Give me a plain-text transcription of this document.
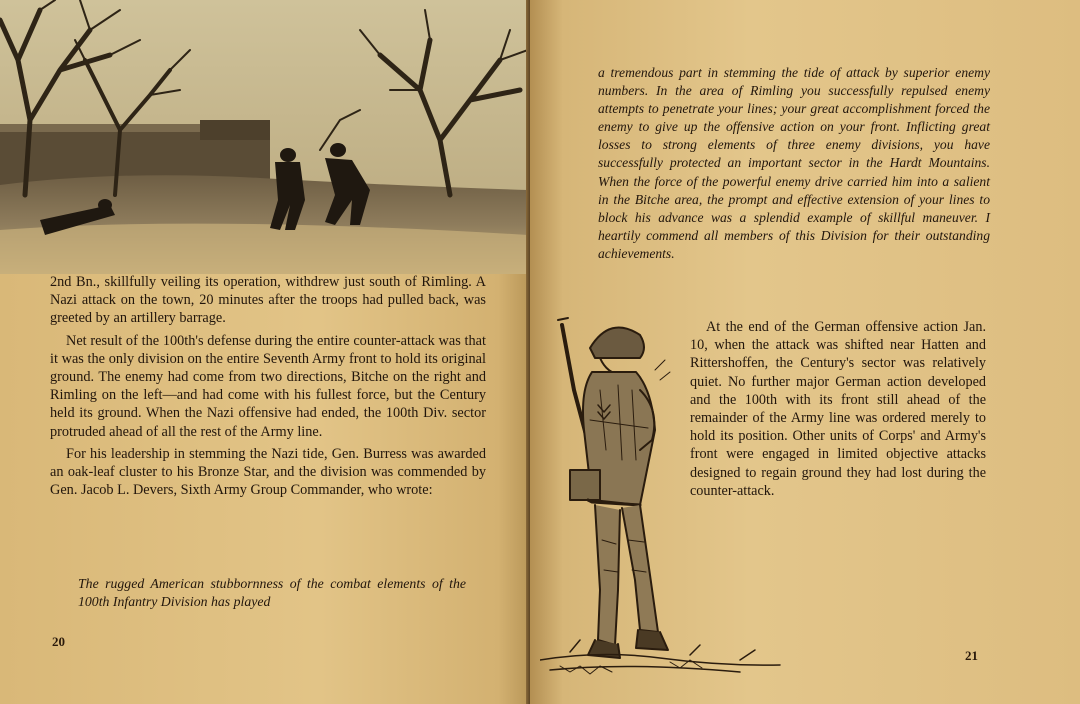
2nd Bn., skillfully veiling its operation, withdrew just south of Rimling. A Nazi attack on the town, 20 minutes after the troops had pulled back, was greeted by an artillery barrage.

Net result of the 100th's defense during the entire counter-attack was that it was the only division on the entire Seventh Army front to hold its original ground. The enemy had come from two directions, Bitche on the right and Rimling on the left—and had come with his fullest force, but the Century held its ground. When the Nazi offensive had ended, the 100th Div. sector protruded ahead of all the rest of the Army line.

For his leadership in stemming the Nazi tide, Gen. Burress was awarded an oak-leaf cluster to his Bronze Star, and the division was commended by Gen. Jacob L. Devers, Sixth Army Group Commander, who wrote:

The rugged American stubbornness of the combat elements of the 100th Infantry Division has played
20
a tremendous part in stemming the tide of attack by superior enemy numbers. In the area of Rimling you successfully repulsed enemy attempts to penetrate your lines; your great accomplishment forced the enemy to give up the offensive action on your front. Inflicting great losses to strong elements of three enemy divisions, you have successfully protected an important sector in the Hardt Mountains. When the force of the powerful enemy drive carried him into a salient in the Bitche area, the prompt and effective extension of your lines to block his advance was a splendid example of skillful maneuver. I heartily commend all members of this Division for their outstanding achievements.

At the end of the German offensive action Jan. 10, when the attack was shifted near Hatten and Rittershoffen, the Century's sector was relatively quiet. No further major German action developed and the 100th with its front still ahead of the remainder of the Army line was ordered merely to hold its position. Other units of Corps' and Army's front were engaged in limited objective attacks designed to regain ground they had lost during the counter-attack.

21
